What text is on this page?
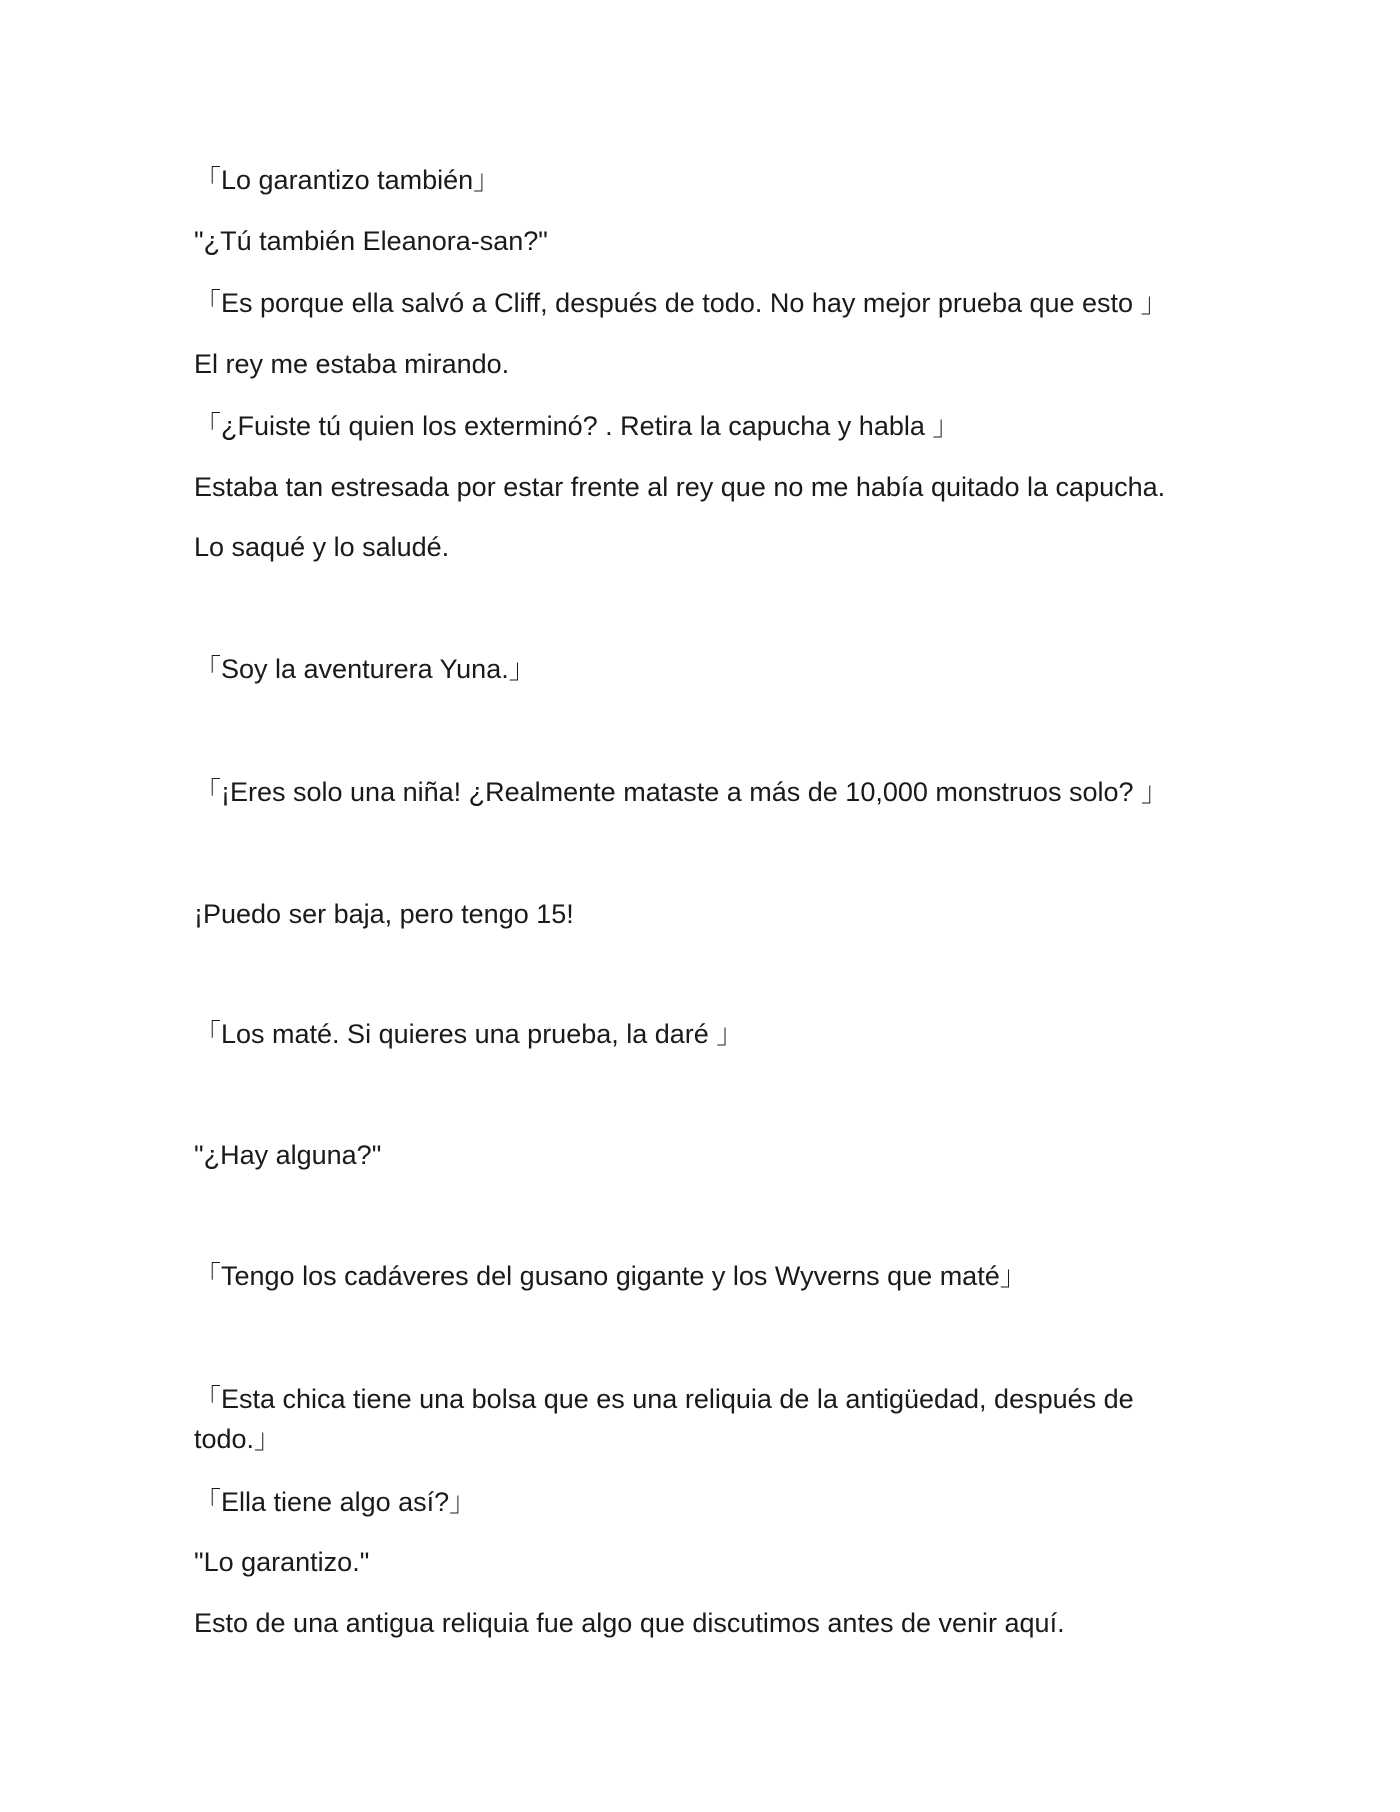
「Lo garantizo también」
"¿Tú también Eleanora-san?"
「Es porque ella salvó a Cliff, después de todo. No hay mejor prueba que esto 」
El rey me estaba mirando.
「¿Fuiste tú quien los exterminó? . Retira la capucha y habla 」
Estaba tan estresada por estar frente al rey que no me había quitado la capucha.
Lo saqué y lo saludé.
「Soy la aventurera Yuna.」
「¡Eres solo una niña! ¿Realmente mataste a más de 10,000 monstruos solo? 」
¡Puedo ser baja, pero tengo 15!
「Los maté. Si quieres una prueba, la daré 」
"¿Hay alguna?"
「Tengo los cadáveres del gusano gigante y los Wyverns que maté」
「Esta chica tiene una bolsa que es una reliquia de la antigüedad, después de todo.」
「Ella tiene algo así?」
"Lo garantizo."
Esto de una antigua reliquia fue algo que discutimos antes de venir aquí.
